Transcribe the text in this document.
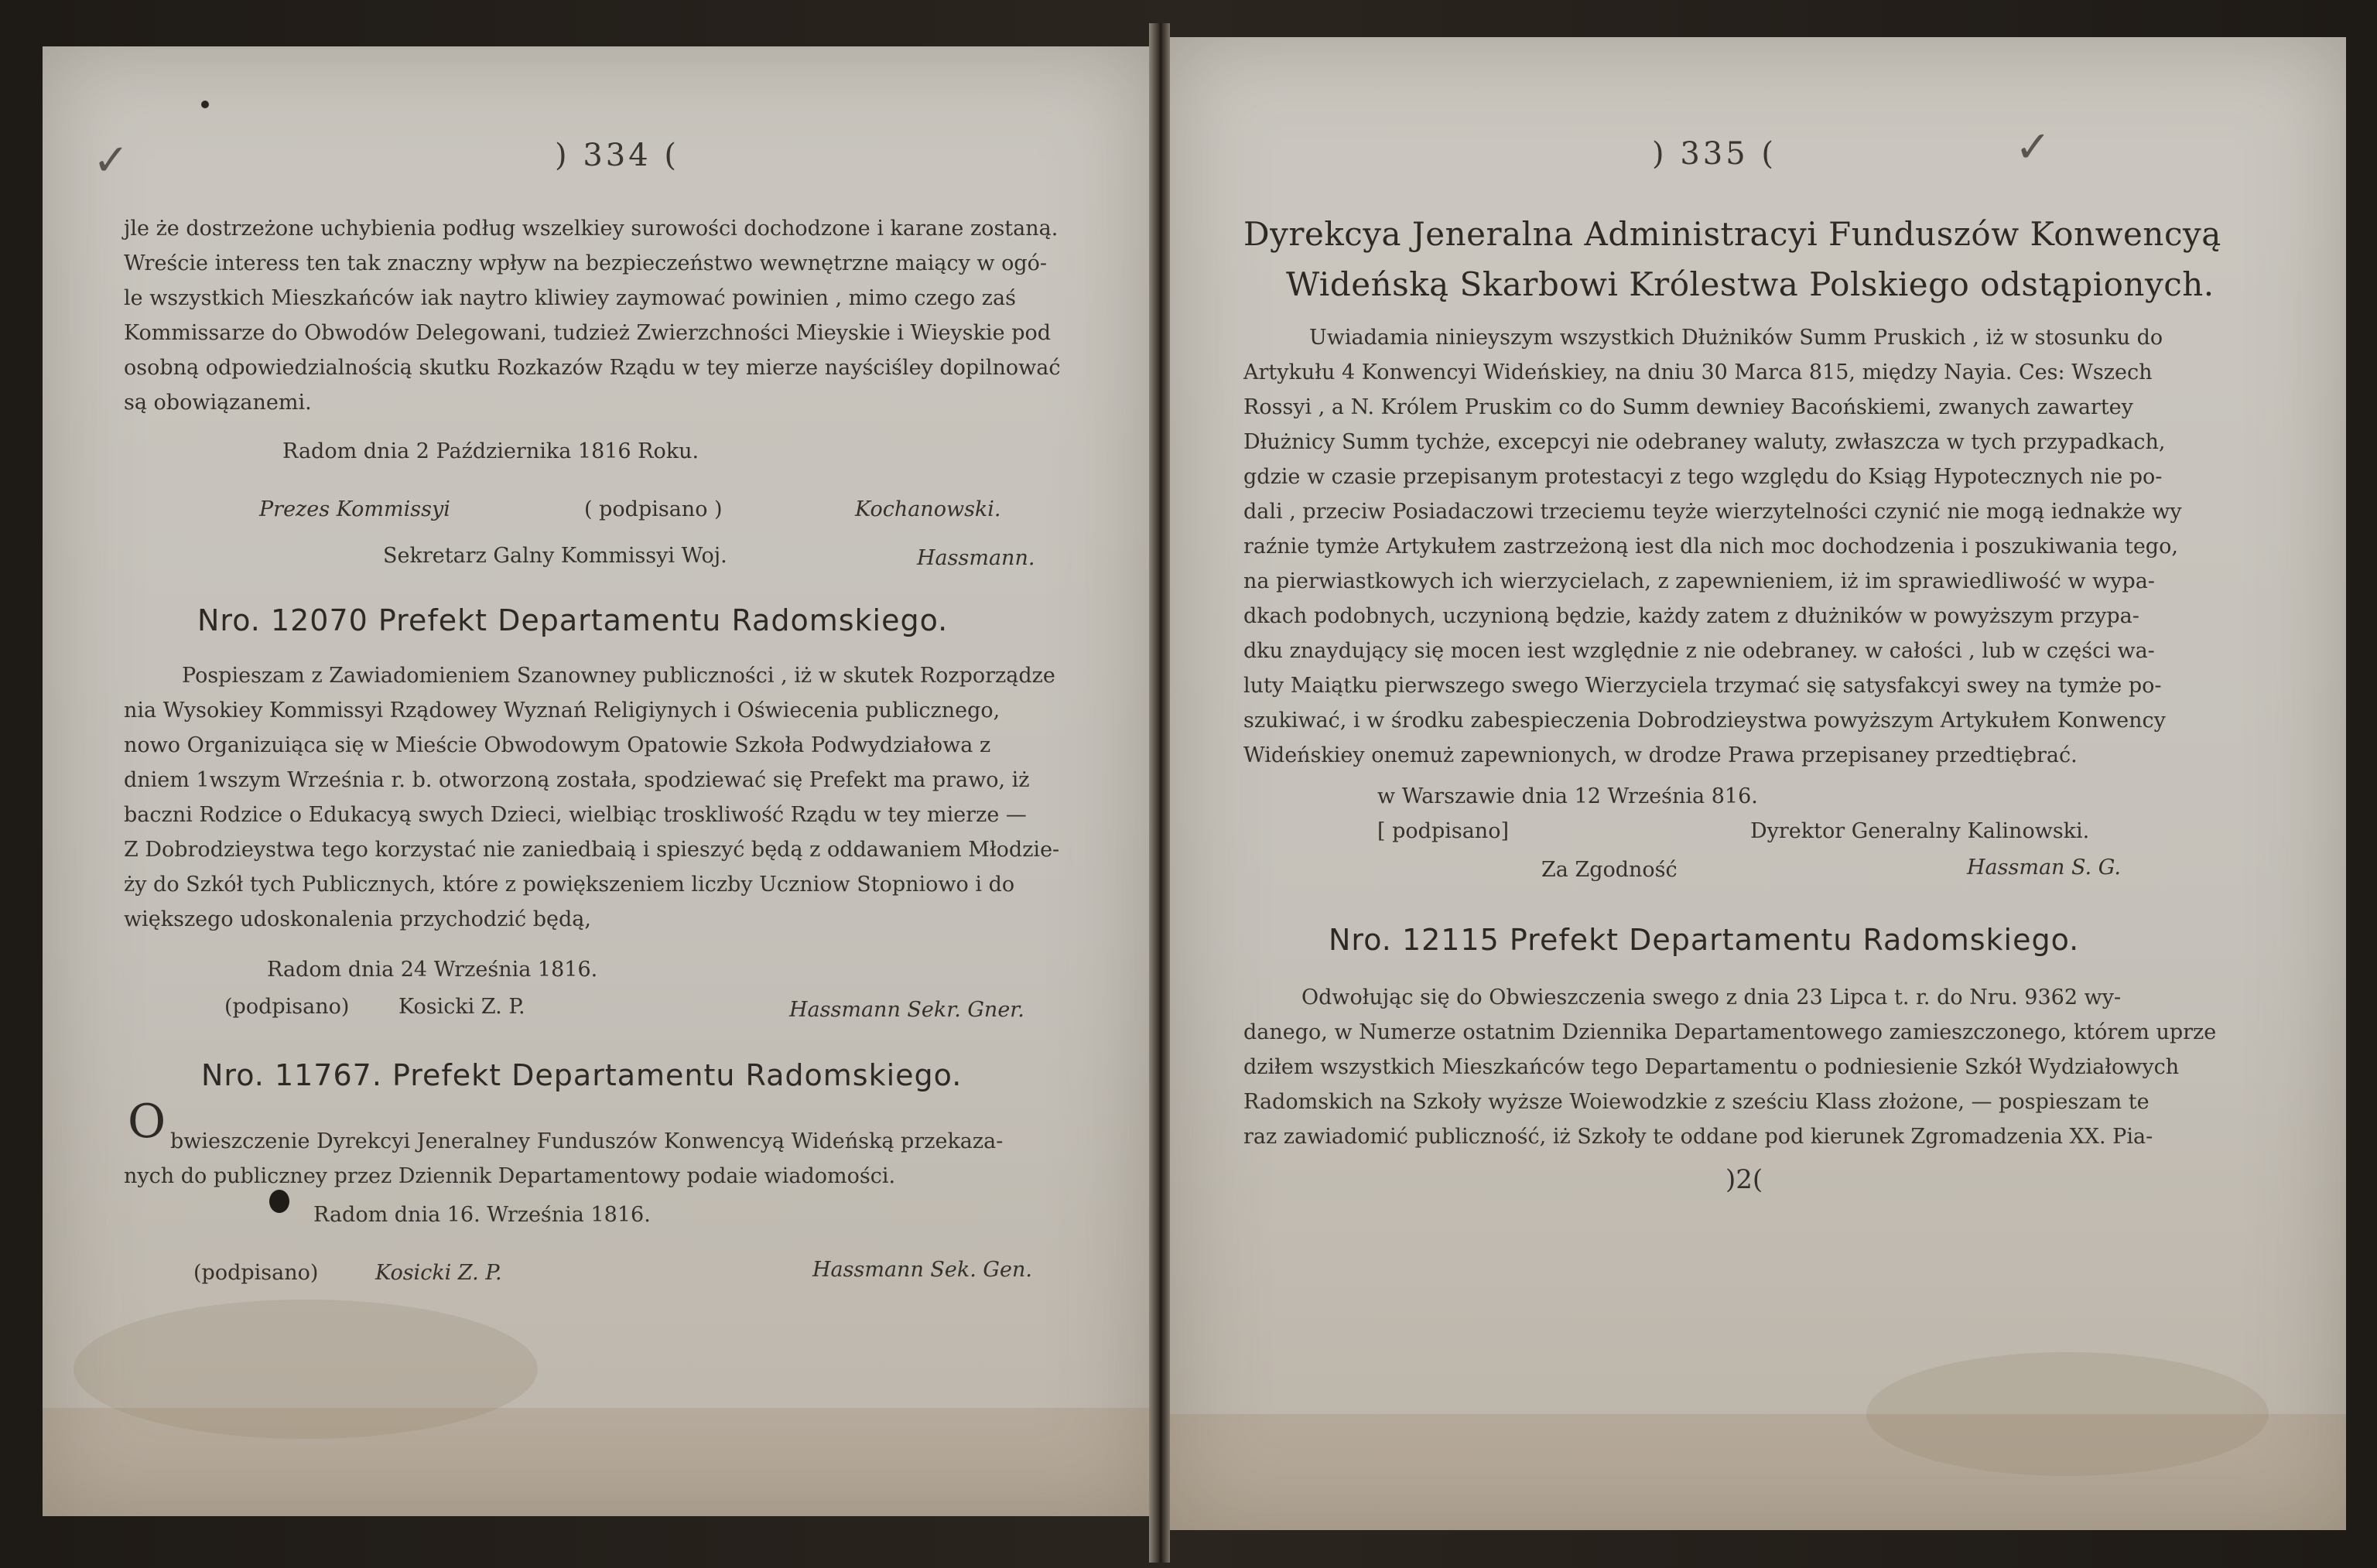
✓	) 334 (
jle że dostrzeżone uchybienia podług wszelkiey surowości dochodzone i karane zostaną.
Wreście interess ten tak znaczny wpływ na bezpieczeństwo wewnętrzne maiący w ogó-
le wszystkich Mieszkańców iak naytro kliwiey zaymować powinien , mimo czego zaś
Kommissarze do Obwodów Delegowani, tudzież Zwierzchności Mieyskie i Wieyskie pod
osobną odpowiedzialnością skutku Rozkazów Rządu w tey mierze nayściśley dopilnować
są obowiązanemi.
Radom dnia 2 Października 1816 Roku.
Prezes Kommissyi	( podpisano )	Kochanowski.
Sekretarz Galny Kommissyi Woj.	Hassmann.
Nro. 12070 Prefekt Departamentu Radomskiego.
Pospieszam z Zawiadomieniem Szanowney publiczności , iż w skutek Rozporządze
nia Wysokiey Kommissyi Rządowey Wyznań Religiynych i Oświecenia publicznego,
nowo Organizuiąca się w Mieście Obwodowym Opatowie Szkoła Podwydziałowa z
dniem 1wszym Września r. b. otworzoną została, spodziewać się Prefekt ma prawo, iż
baczni Rodzice o Edukacyą swych Dzieci, wielbiąc troskliwość Rządu w tey mierze —
Z Dobrodzieystwa tego korzystać nie zaniedbaią i spieszyć będą z oddawaniem Młodzie-
ży do Szkół tych Publicznych, które z powiększeniem liczby Uczniow Stopniowo i do
większego udoskonalenia przychodzić będą,
Radom dnia 24 Września 1816.
(podpisano) Kosicki Z. P.	Hassmann Sekr. Gner.
Nro. 11767. Prefekt Departamentu Radomskiego.
O bwieszczenie Dyrekcyi Jeneralney Funduszów Konwencyą Wideńską przekaza-
nych do publiczney przez Dziennik Departamentowy podaie wiadomości.
Radom dnia 16. Września 1816.
(podpisano)	Kosicki Z. P.	Hassmann Sek. Gen.
) 335 (	✓
Dyrekcya Jeneralna Administracyi Funduszów Konwencyą
Wideńską Skarbowi Królestwa Polskiego odstąpionych.
Uwiadamia ninieyszym wszystkich Dłużników Summ Pruskich , iż w stosunku do
Artykułu 4 Konwencyi Wideńskiey, na dniu 30 Marca 815, między Nayia. Ces: Wszech
Rossyi , a N. Królem Pruskim co do Summ dewniey Bacońskiemi, zwanych zawartey
Dłużnicy Summ tychże, excepcyi nie odebraney waluty, zwłaszcza w tych przypadkach,
gdzie w czasie przepisanym protestacyi z tego względu do Ksiąg Hypotecznych nie po-
dali , przeciw Posiadaczowi trzeciemu teyże wierzytelności czynić nie mogą iednakże wy
raźnie tymże Artykułem zastrzeżoną iest dla nich moc dochodzenia i poszukiwania tego,
na pierwiastkowych ich wierzycielach, z zapewnieniem, iż im sprawiedliwość w wypa-
dkach podobnych, uczynioną będzie, każdy zatem z dłużników w powyższym przypa-
dku znaydujący się mocen iest względnie z nie odebraney. w całości , lub w części wa-
luty Maiątku pierwszego swego Wierzyciela trzymać się satysfakcyi swey na tymże po-
szukiwać, i w środku zabespieczenia Dobrodzieystwa powyższym Artykułem Konwency
Wideńskiey onemuż zapewnionych, w drodze Prawa przepisaney przedtiębrać.
w Warszawie dnia 12 Września 816.
[ podpisano]	Dyrektor Generalny Kalinowski.
Za Zgodność	Hassman S. G.
Nro. 12115 Prefekt Departamentu Radomskiego.
Odwołując się do Obwieszczenia swego z dnia 23 Lipca t. r. do Nru. 9362 wy-
danego, w Numerze ostatnim Dziennika Departamentowego zamieszczonego, którem uprze
dziłem wszystkich Mieszkańców tego Departamentu o podniesienie Szkół Wydziałowych
Radomskich na Szkoły wyższe Woiewodzkie z sześciu Klass złożone, — pospieszam te
raz zawiadomić publiczność, iż Szkoły te oddane pod kierunek Zgromadzenia XX. Pia-
)2(
